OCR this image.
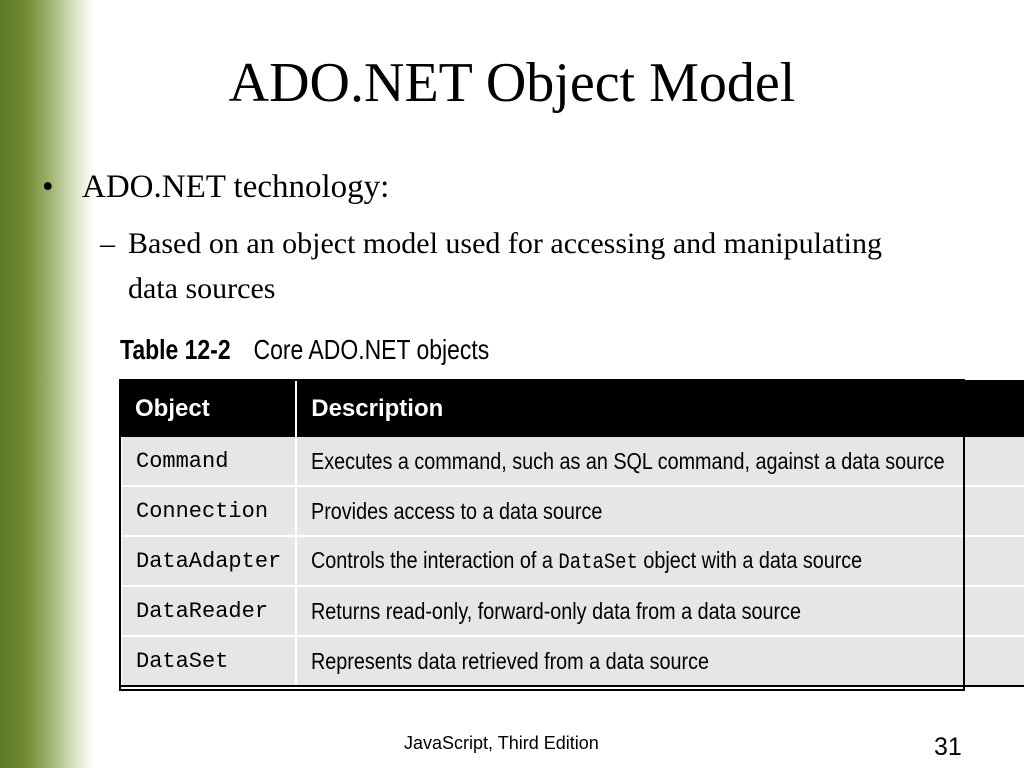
ADO.NET Object Model
• ADO.NET technology:
– Based on an object model used for accessing and manipulating data sources
Table 12-2 Core ADO.NET objects
Object	Description
Command	Executes a command, such as an SQL command, against a data source
Connection	Provides access to a data source
DataAdapter	Controls the interaction of a DataSet object with a data source
DataReader	Returns read-only, forward-only data from a data source
DataSet	Represents data retrieved from a data source
JavaScript, Third Edition	31
